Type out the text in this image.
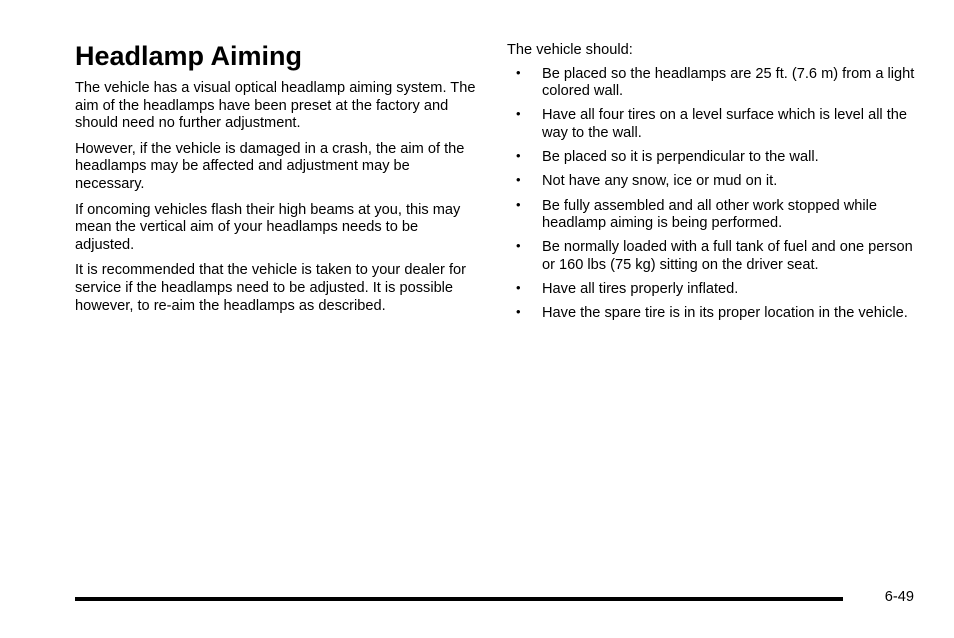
Headlamp Aiming

The vehicle has a visual optical headlamp aiming system. The aim of the headlamps have been preset at the factory and should need no further adjustment.

However, if the vehicle is damaged in a crash, the aim of the headlamps may be affected and adjustment may be necessary.

If oncoming vehicles flash their high beams at you, this may mean the vertical aim of your headlamps needs to be adjusted.

It is recommended that the vehicle is taken to your dealer for service if the headlamps need to be adjusted. It is possible however, to re-aim the headlamps as described.

The vehicle should:

• Be placed so the headlamps are 25 ft. (7.6 m) from a light colored wall.
• Have all four tires on a level surface which is level all the way to the wall.
• Be placed so it is perpendicular to the wall.
• Not have any snow, ice or mud on it.
• Be fully assembled and all other work stopped while headlamp aiming is being performed.
• Be normally loaded with a full tank of fuel and one person or 160 lbs (75 kg) sitting on the driver seat.
• Have all tires properly inflated.
• Have the spare tire is in its proper location in the vehicle.
6-49
